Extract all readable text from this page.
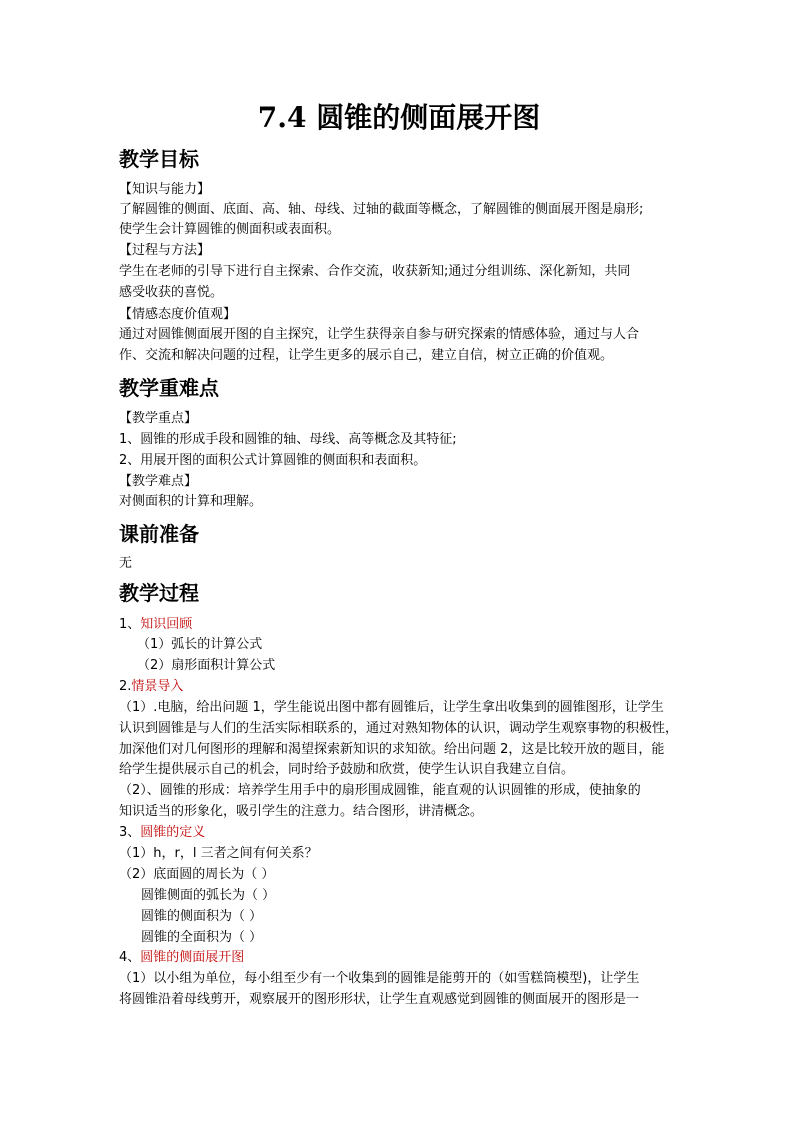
7.4 圆锥的侧面展开图
教学目标
【知识与能力】
了解圆锥的侧面、底面、高、轴、母线、过轴的截面等概念，了解圆锥的侧面展开图是扇形;
使学生会计算圆锥的侧面积或表面积。
【过程与方法】
学生在老师的引导下进行自主探索、合作交流，收获新知;通过分组训练、深化新知，共同
感受收获的喜悦。
【情感态度价值观】
通过对圆锥侧面展开图的自主探究，让学生获得亲自参与研究探索的情感体验，通过与人合
作、交流和解决问题的过程，让学生更多的展示自己，建立自信，树立正确的价值观。
教学重难点
【教学重点】
1、圆锥的形成手段和圆锥的轴、母线、高等概念及其特征;
2、用展开图的面积公式计算圆锥的侧面积和表面积。
【教学难点】
对侧面积的计算和理解。
课前准备
无
教学过程
1、知识回顾
（1）弧长的计算公式
（2）扇形面积计算公式
2.情景导入
（1）.电脑，给出问题 1，学生能说出图中都有圆锥后，让学生拿出收集到的圆锥图形，让学生
认识到圆锥是与人们的生活实际相联系的，通过对熟知物体的认识，调动学生观察事物的积极性，
加深他们对几何图形的理解和渴望探索新知识的求知欲。给出问题 2，这是比较开放的题目，能
给学生提供展示自己的机会，同时给予鼓励和欣赏，使学生认识自我建立自信。
（2）、圆锥的形成：培养学生用手中的扇形围成圆锥，能直观的认识圆锥的形成，使抽象的
知识适当的形象化，吸引学生的注意力。结合图形，讲清概念。
3、圆锥的定义
（1）h，r，l 三者之间有何关系？
（2）底面圆的周长为（ ）
圆锥侧面的弧长为（ ）
圆锥的侧面积为（ ）
圆锥的全面积为（ ）
4、圆锥的侧面展开图
（1）以小组为单位，每小组至少有一个收集到的圆锥是能剪开的（如雪糕筒模型)，让学生
将圆锥沿着母线剪开，观察展开的图形形状，让学生直观感觉到圆锥的侧面展开的图形是一
